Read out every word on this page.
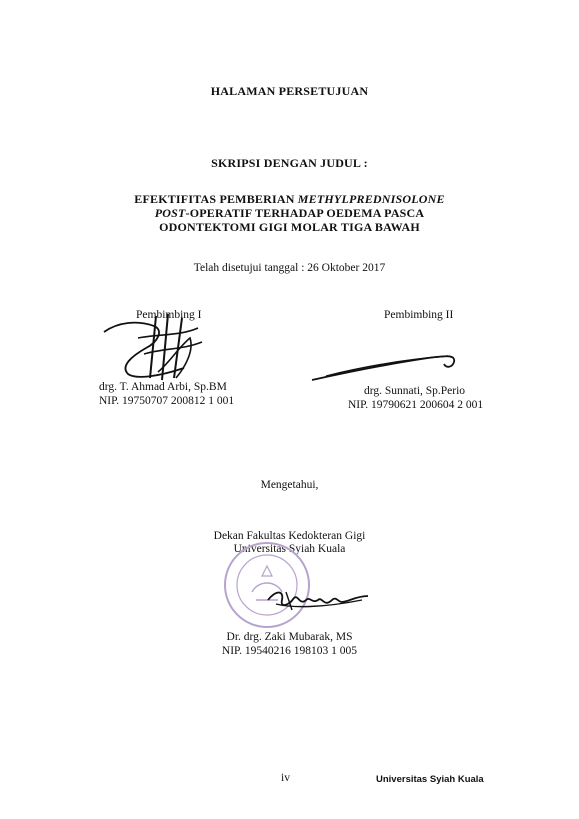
HALAMAN PERSETUJUAN
SKRIPSI DENGAN JUDUL :
EFEKTIFITAS PEMBERIAN METHYLPREDNISOLONE
POST-OPERATIF TERHADAP OEDEMA PASCA
ODONTEKTOMI GIGI MOLAR TIGA BAWAH
Telah disetujui tanggal : 26 Oktober 2017
Pembimbing I
drg. T. Ahmad Arbi, Sp.BM
NIP. 19750707 200812 1 001
Pembimbing II
drg. Sunnati, Sp.Perio
NIP. 19790621 200604 2 001
Mengetahui,
Dekan Fakultas Kedokteran Gigi
Universitas Syiah Kuala
Dr. drg. Zaki Mubarak, MS
NIP. 19540216 198103 1 005
iv	Universitas Syiah Kuala
